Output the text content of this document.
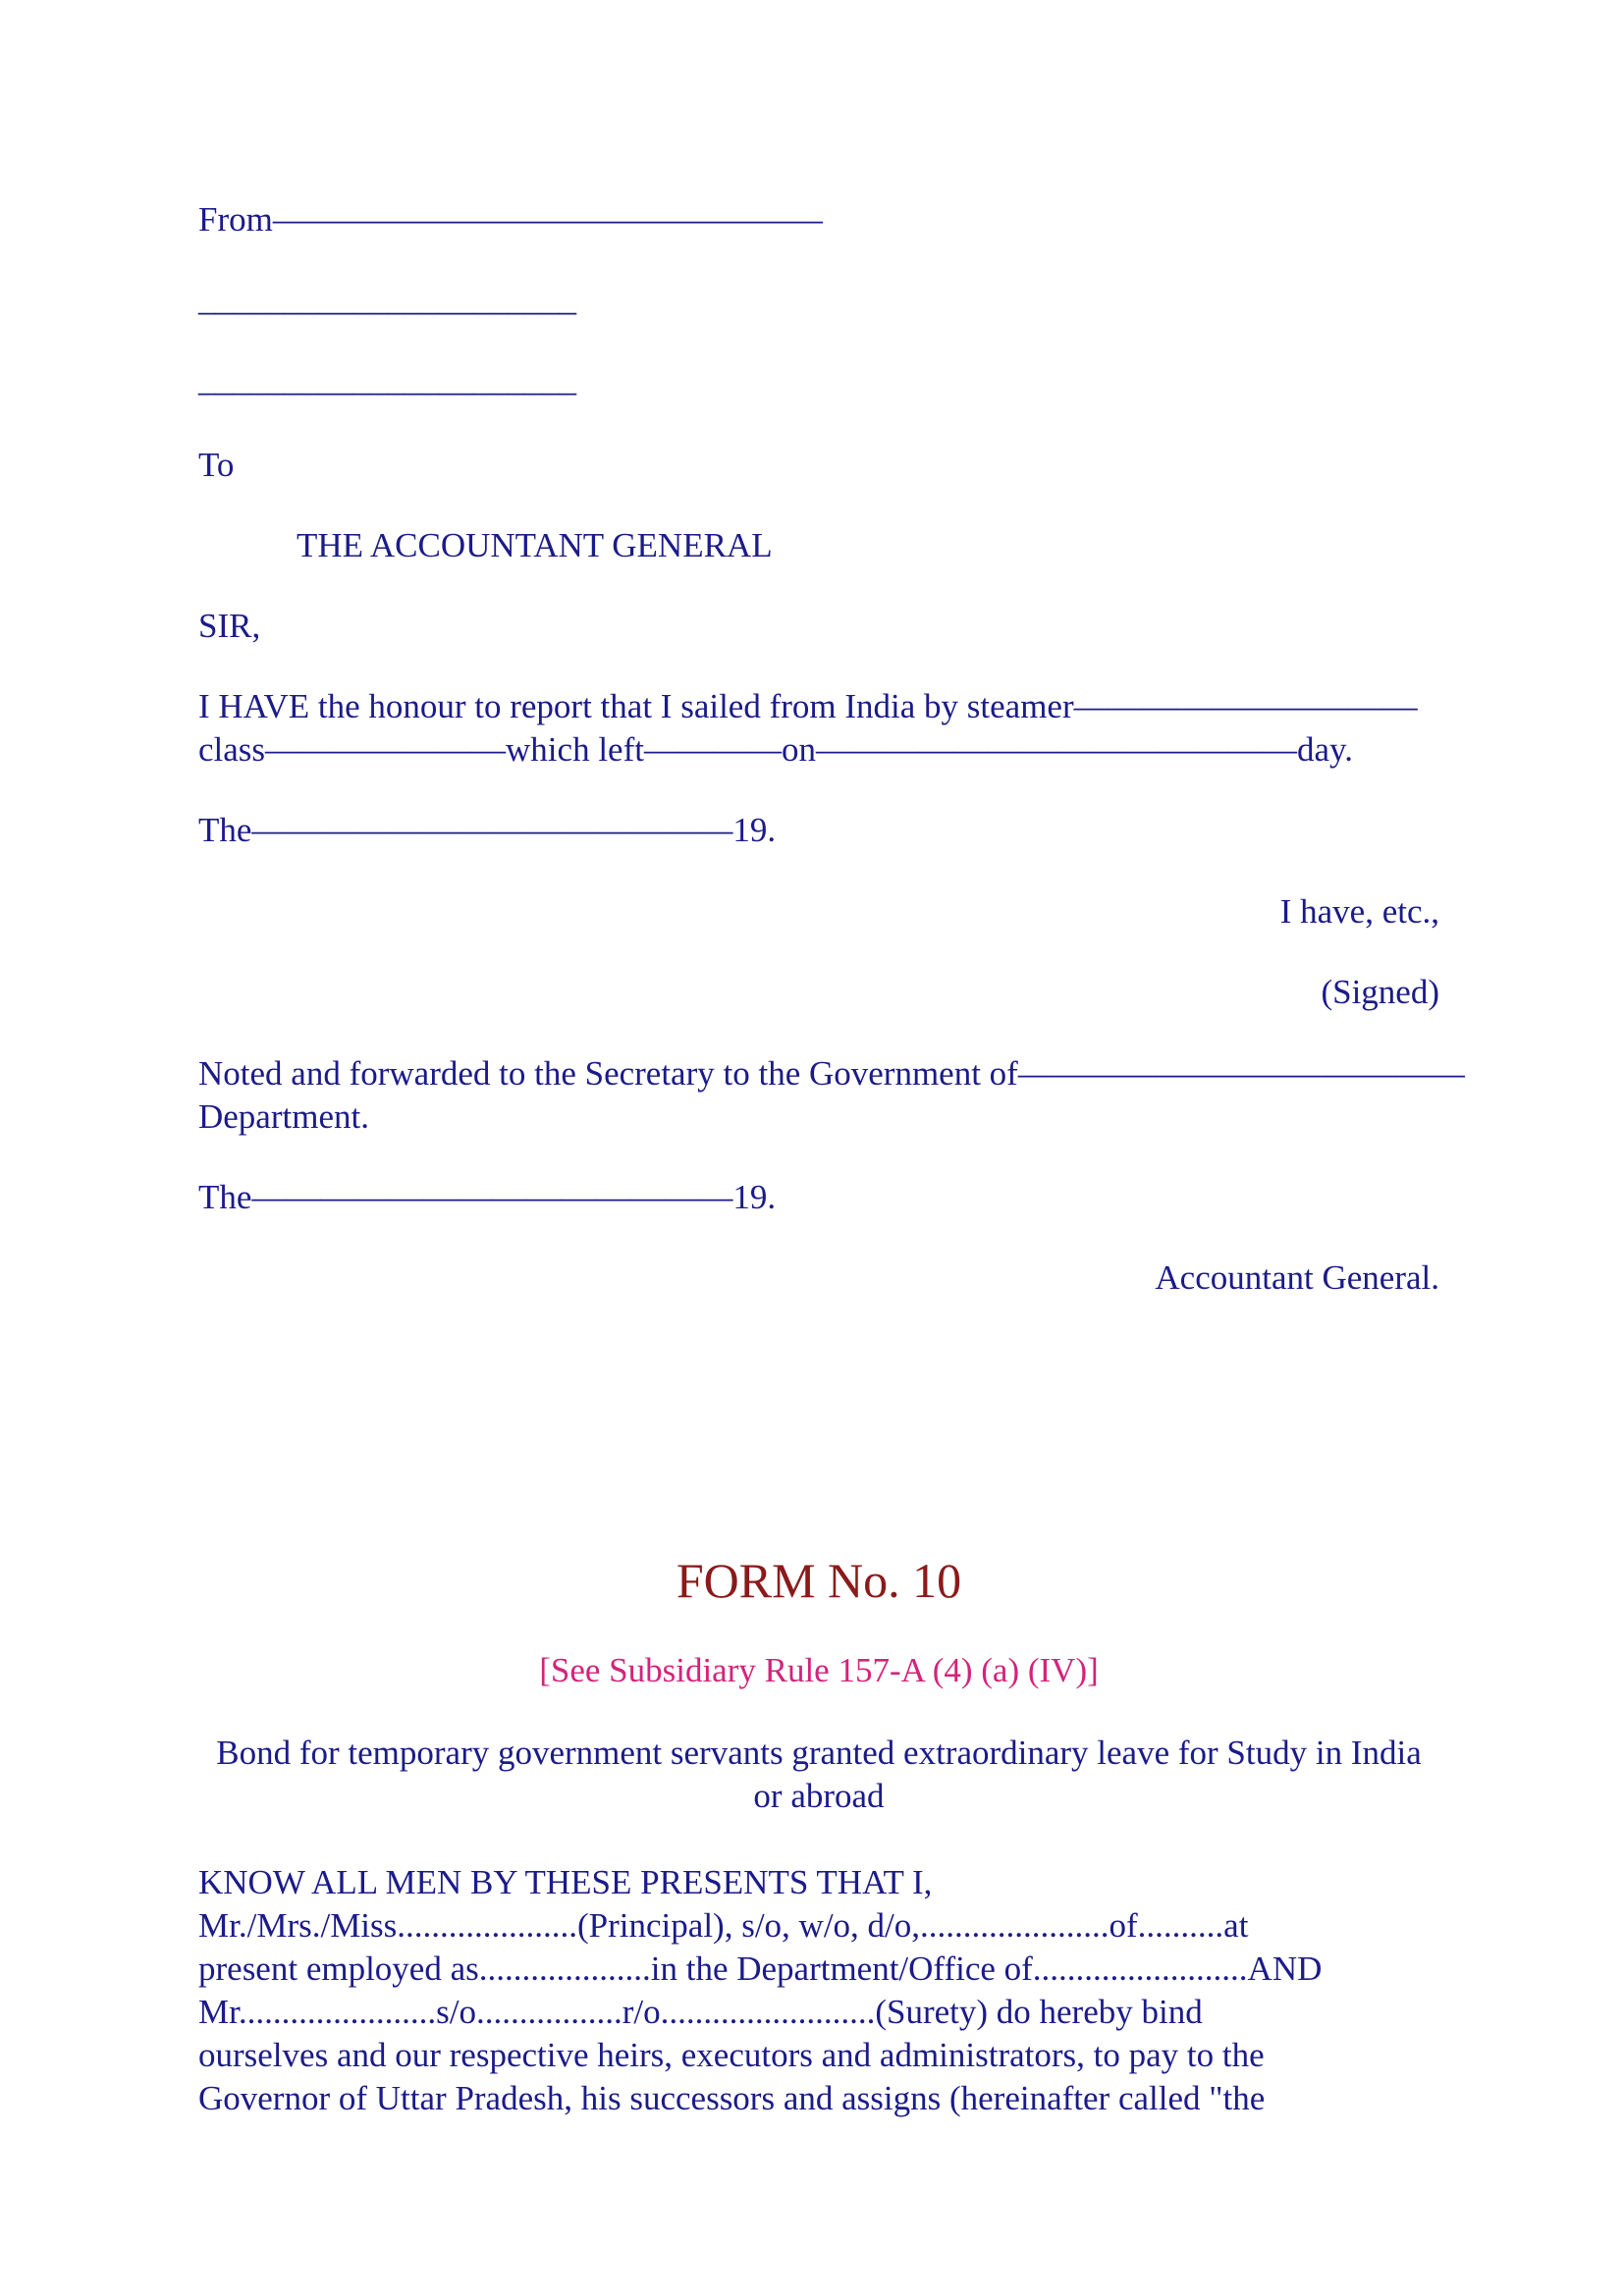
From————————————————
______________________
______________________
To
THE ACCOUNTANT GENERAL
SIR,
I HAVE the honour to report that I sailed from India by steamer——————————
class———————which left————on——————————————day.
The——————————————19.
I have, etc.,
(Signed)
Noted and forwarded to the Secretary to the Government of—————————————
Department.
The——————————————19.
Accountant General.
FORM No. 10
[See Subsidiary Rule 157-A (4) (a) (IV)]
Bond for temporary government servants granted extraordinary leave for Study in India or abroad
KNOW ALL MEN BY THESE PRESENTS THAT I,
Mr./Mrs./Miss.....................(Principal), s/o, w/o, d/o,......................of..........at
present employed as....................in the Department/Office of.........................AND
Mr.......................s/o.................r/o.........................(Surety) do hereby bind
ourselves and our respective heirs, executors and administrators, to pay to the
Governor of Uttar Pradesh, his successors and assigns (hereinafter called "the
